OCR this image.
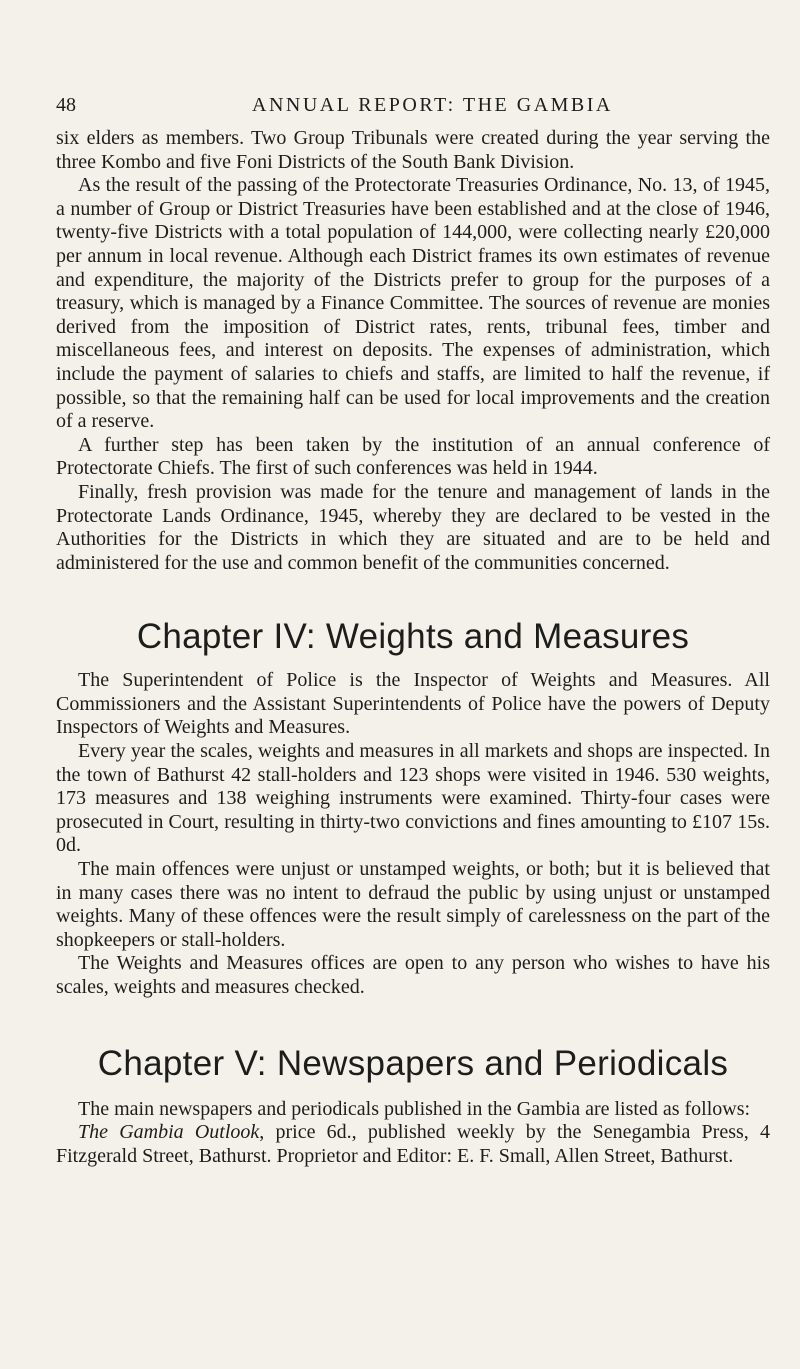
48	ANNUAL REPORT: THE GAMBIA

six elders as members. Two Group Tribunals were created during the year serving the three Kombo and five Foni Districts of the South Bank Division.

As the result of the passing of the Protectorate Treasuries Ordinance, No. 13, of 1945, a number of Group or District Treasuries have been established and at the close of 1946, twenty-five Districts with a total population of 144,000, were collecting nearly £20,000 per annum in local revenue. Although each District frames its own estimates of revenue and expenditure, the majority of the Districts prefer to group for the purposes of a treasury, which is managed by a Finance Committee. The sources of revenue are monies derived from the imposition of District rates, rents, tribunal fees, timber and miscellaneous fees, and interest on deposits. The expenses of administration, which include the payment of salaries to chiefs and staffs, are limited to half the revenue, if possible, so that the remaining half can be used for local improvements and the creation of a reserve.

A further step has been taken by the institution of an annual conference of Protectorate Chiefs. The first of such conferences was held in 1944.

Finally, fresh provision was made for the tenure and management of lands in the Protectorate Lands Ordinance, 1945, whereby they are declared to be vested in the Authorities for the Districts in which they are situated and are to be held and administered for the use and common benefit of the communities concerned.

Chapter IV: Weights and Measures

The Superintendent of Police is the Inspector of Weights and Measures. All Commissioners and the Assistant Superintendents of Police have the powers of Deputy Inspectors of Weights and Measures.

Every year the scales, weights and measures in all markets and shops are inspected. In the town of Bathurst 42 stall-holders and 123 shops were visited in 1946. 530 weights, 173 measures and 138 weighing instruments were examined. Thirty-four cases were prosecuted in Court, resulting in thirty-two convictions and fines amounting to £107 15s. 0d.

The main offences were unjust or unstamped weights, or both; but it is believed that in many cases there was no intent to defraud the public by using unjust or unstamped weights. Many of these offences were the result simply of carelessness on the part of the shopkeepers or stall-holders.

The Weights and Measures offices are open to any person who wishes to have his scales, weights and measures checked.

Chapter V: Newspapers and Periodicals

The main newspapers and periodicals published in the Gambia are listed as follows:

The Gambia Outlook, price 6d., published weekly by the Senegambia Press, 4 Fitzgerald Street, Bathurst. Proprietor and Editor: E. F. Small, Allen Street, Bathurst.
